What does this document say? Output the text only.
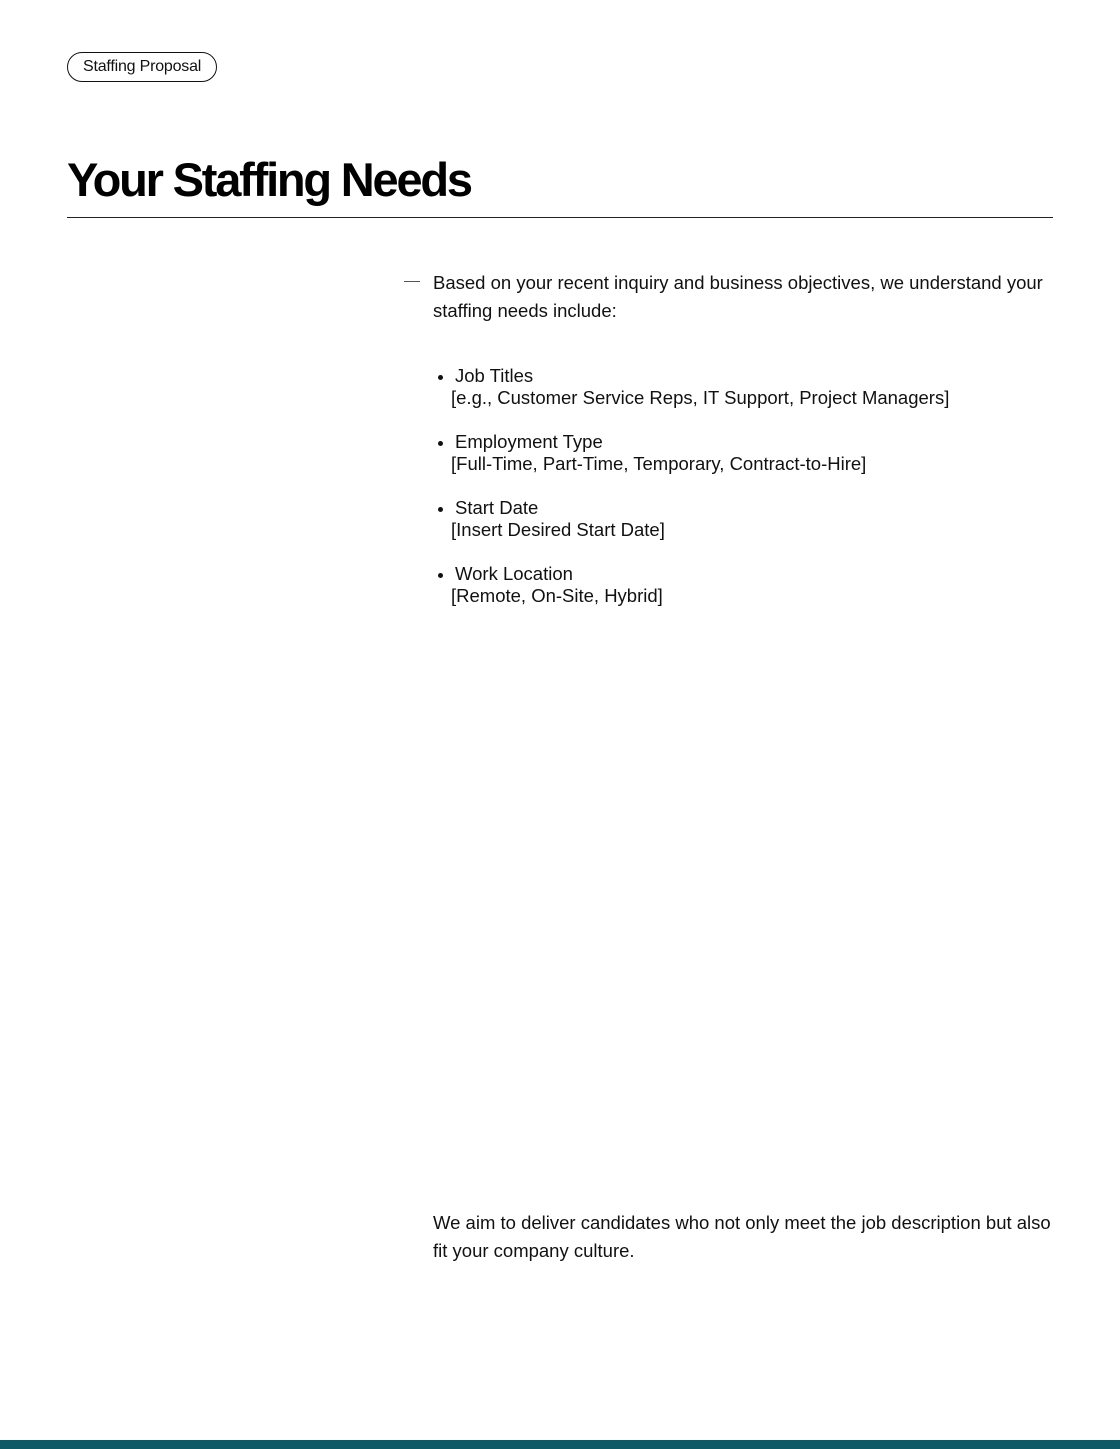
Staffing Proposal
Your Staffing Needs

Based on your recent inquiry and business objectives, we understand your staffing needs include:

Job Titles
[e.g., Customer Service Reps, IT Support, Project Managers]
Employment Type
[Full-Time, Part-Time, Temporary, Contract-to-Hire]
Start Date
[Insert Desired Start Date]
Work Location
[Remote, On-Site, Hybrid]

We aim to deliver candidates who not only meet the job description but also fit your company culture.
